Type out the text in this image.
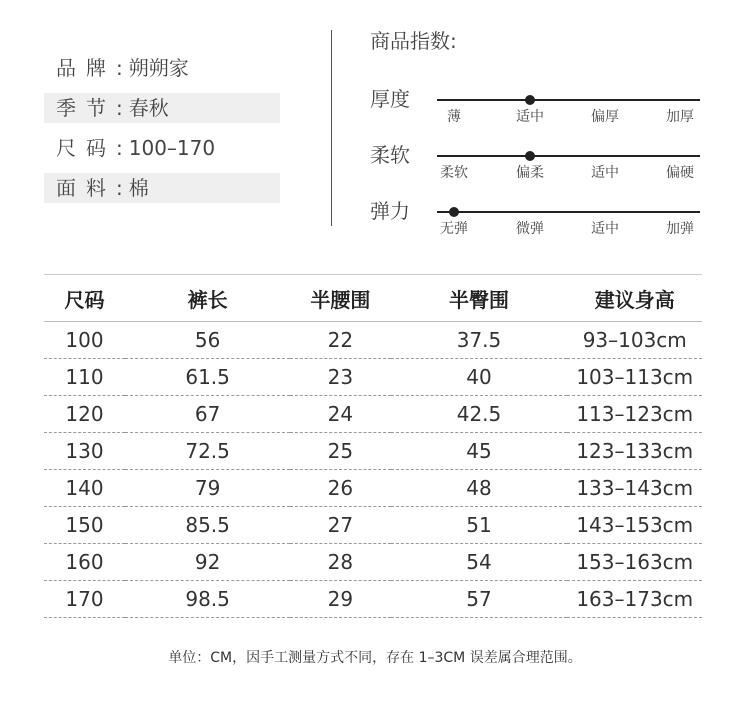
品牌: 朔朔家
季节: 春秋
尺码: 100–170
面料: 棉
商品指数:
厚度
薄	适中	偏厚	加厚
柔软
柔软	偏柔	适中	偏硬
弹力
无弹	微弹	适中	加弹
尺码	裤长	半腰围	半臀围	建议身高
100	56	22	37.5	93–103cm
110	61.5	23	40	103–113cm
120	67	24	42.5	113–123cm
130	72.5	25	45	123–133cm
140	79	26	48	133–143cm
150	85.5	27	51	143–153cm
160	92	28	54	153–163cm
170	98.5	29	57	163–173cm
单位：CM，因手工测量方式不同，存在 1–3CM 误差属合理范围。
